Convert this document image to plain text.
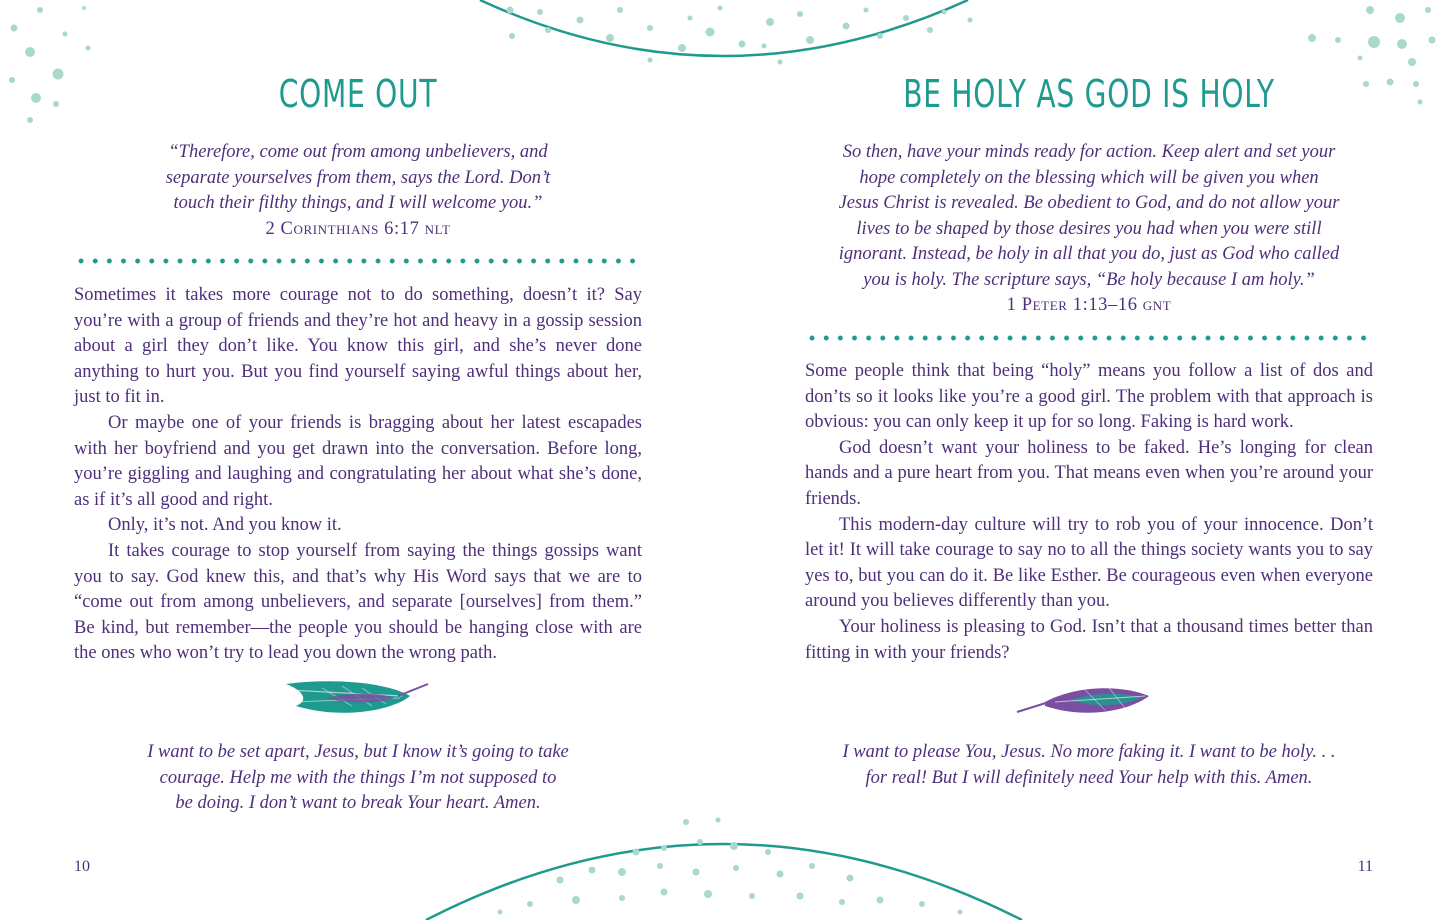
COME OUT
“Therefore, come out from among unbelievers, and
separate yourselves from them, says the Lord. Don’t
touch their filthy things, and I will welcome you.”
2 Corinthians 6:17 nlt

Sometimes it takes more courage not to do something, doesn’t it? Say you’re with a group of friends and they’re hot and heavy in a gossip session about a girl they don’t like. You know this girl, and she’s never done anything to hurt you. But you find yourself saying awful things about her, just to fit in.

Or maybe one of your friends is bragging about her latest escapades with her boyfriend and you get drawn into the conversation. Before long, you’re giggling and laughing and congratulating her about what she’s done, as if it’s all good and right.

Only, it’s not. And you know it.

It takes courage to stop yourself from saying the things gossips want you to say. God knew this, and that’s why His Word says that we are to “come out from among unbelievers, and separate [ourselves] from them.” Be kind, but remember—the people you should be hanging close with are the ones who won’t try to lead you down the wrong path.

I want to be set apart, Jesus, but I know it’s going to take
courage. Help me with the things I’m not supposed to
be doing. I don’t want to break Your heart. Amen.
10
BE HOLY AS GOD IS HOLY
So then, have your minds ready for action. Keep alert and set your
hope completely on the blessing which will be given you when
Jesus Christ is revealed. Be obedient to God, and do not allow your
lives to be shaped by those desires you had when you were still
ignorant. Instead, be holy in all that you do, just as God who called
you is holy. The scripture says, “Be holy because I am holy.”
1 Peter 1:13–16 gnt

Some people think that being “holy” means you follow a list of dos and don’ts so it looks like you’re a good girl. The problem with that approach is obvious: you can only keep it up for so long. Faking is hard work.

God doesn’t want your holiness to be faked. He’s longing for clean hands and a pure heart from you. That means even when you’re around your friends.

This modern-day culture will try to rob you of your innocence. Don’t let it! It will take courage to say no to all the things society wants you to say yes to, but you can do it. Be like Esther. Be courageous even when everyone around you believes differently than you.

Your holiness is pleasing to God. Isn’t that a thousand times better than fitting in with your friends?

I want to please You, Jesus. No more faking it. I want to be holy. . .
for real! But I will definitely need Your help with this. Amen.
11
